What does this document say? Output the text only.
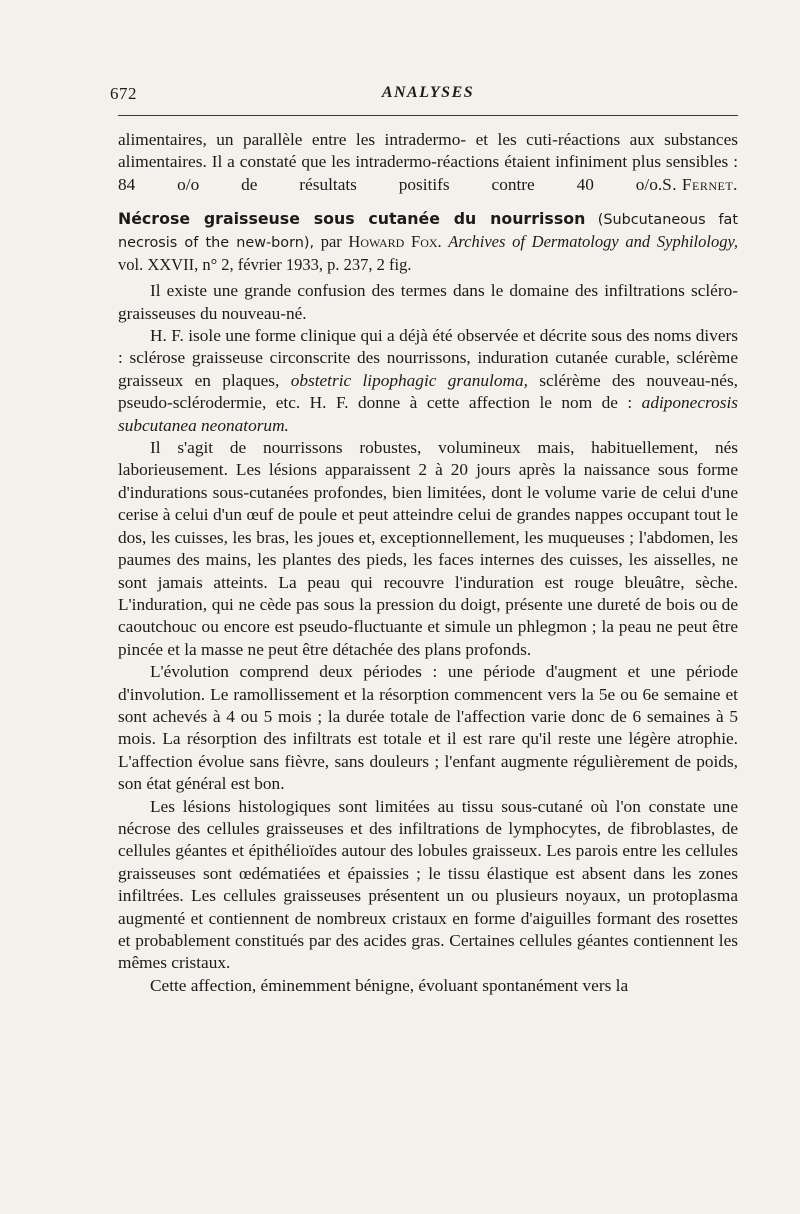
672	ANALYSES

alimentaires, un parallèle entre les intradermo- et les cuti-réactions aux substances alimentaires. Il a constaté que les intradermo-réactions étaient infiniment plus sensibles : 84 o/o de résultats positifs contre 40 o/o. S. Fernet.

Nécrose graisseuse sous cutanée du nourrisson (Subcutaneous fat necrosis of the new-born), par Howard Fox. Archives of Dermatology and Syphilology, vol. XXVII, n° 2, février 1933, p. 237, 2 fig.

Il existe une grande confusion des termes dans le domaine des infiltrations scléro-graisseuses du nouveau-né.

H. F. isole une forme clinique qui a déjà été observée et décrite sous des noms divers : sclérose graisseuse circonscrite des nourrissons, induration cutanée curable, sclérème graisseux en plaques, obstetric lipophagic granuloma, sclérème des nouveau-nés, pseudo-sclérodermie, etc. H. F. donne à cette affection le nom de : adiponecrosis subcutanea neonatorum.

Il s'agit de nourrissons robustes, volumineux mais, habituellement, nés laborieusement. Les lésions apparaissent 2 à 20 jours après la naissance sous forme d'indurations sous-cutanées profondes, bien limitées, dont le volume varie de celui d'une cerise à celui d'un œuf de poule et peut atteindre celui de grandes nappes occupant tout le dos, les cuisses, les bras, les joues et, exceptionnellement, les muqueuses ; l'abdomen, les paumes des mains, les plantes des pieds, les faces internes des cuisses, les aisselles, ne sont jamais atteints. La peau qui recouvre l'induration est rouge bleuâtre, sèche. L'induration, qui ne cède pas sous la pression du doigt, présente une dureté de bois ou de caoutchouc ou encore est pseudo-fluctuante et simule un phlegmon ; la peau ne peut être pincée et la masse ne peut être détachée des plans profonds.

L'évolution comprend deux périodes : une période d'augment et une période d'involution. Le ramollissement et la résorption commencent vers la 5e ou 6e semaine et sont achevés à 4 ou 5 mois ; la durée totale de l'affection varie donc de 6 semaines à 5 mois. La résorption des infiltrats est totale et il est rare qu'il reste une légère atrophie. L'affection évolue sans fièvre, sans douleurs ; l'enfant augmente régulièrement de poids, son état général est bon.

Les lésions histologiques sont limitées au tissu sous-cutané où l'on constate une nécrose des cellules graisseuses et des infiltrations de lymphocytes, de fibroblastes, de cellules géantes et épithélioïdes autour des lobules graisseux. Les parois entre les cellules graisseuses sont œdématiées et épaissies ; le tissu élastique est absent dans les zones infiltrées. Les cellules graisseuses présentent un ou plusieurs noyaux, un protoplasma augmenté et contiennent de nombreux cristaux en forme d'aiguilles formant des rosettes et probablement constitués par des acides gras. Certaines cellules géantes contiennent les mêmes cristaux.

Cette affection, éminemment bénigne, évoluant spontanément vers la
